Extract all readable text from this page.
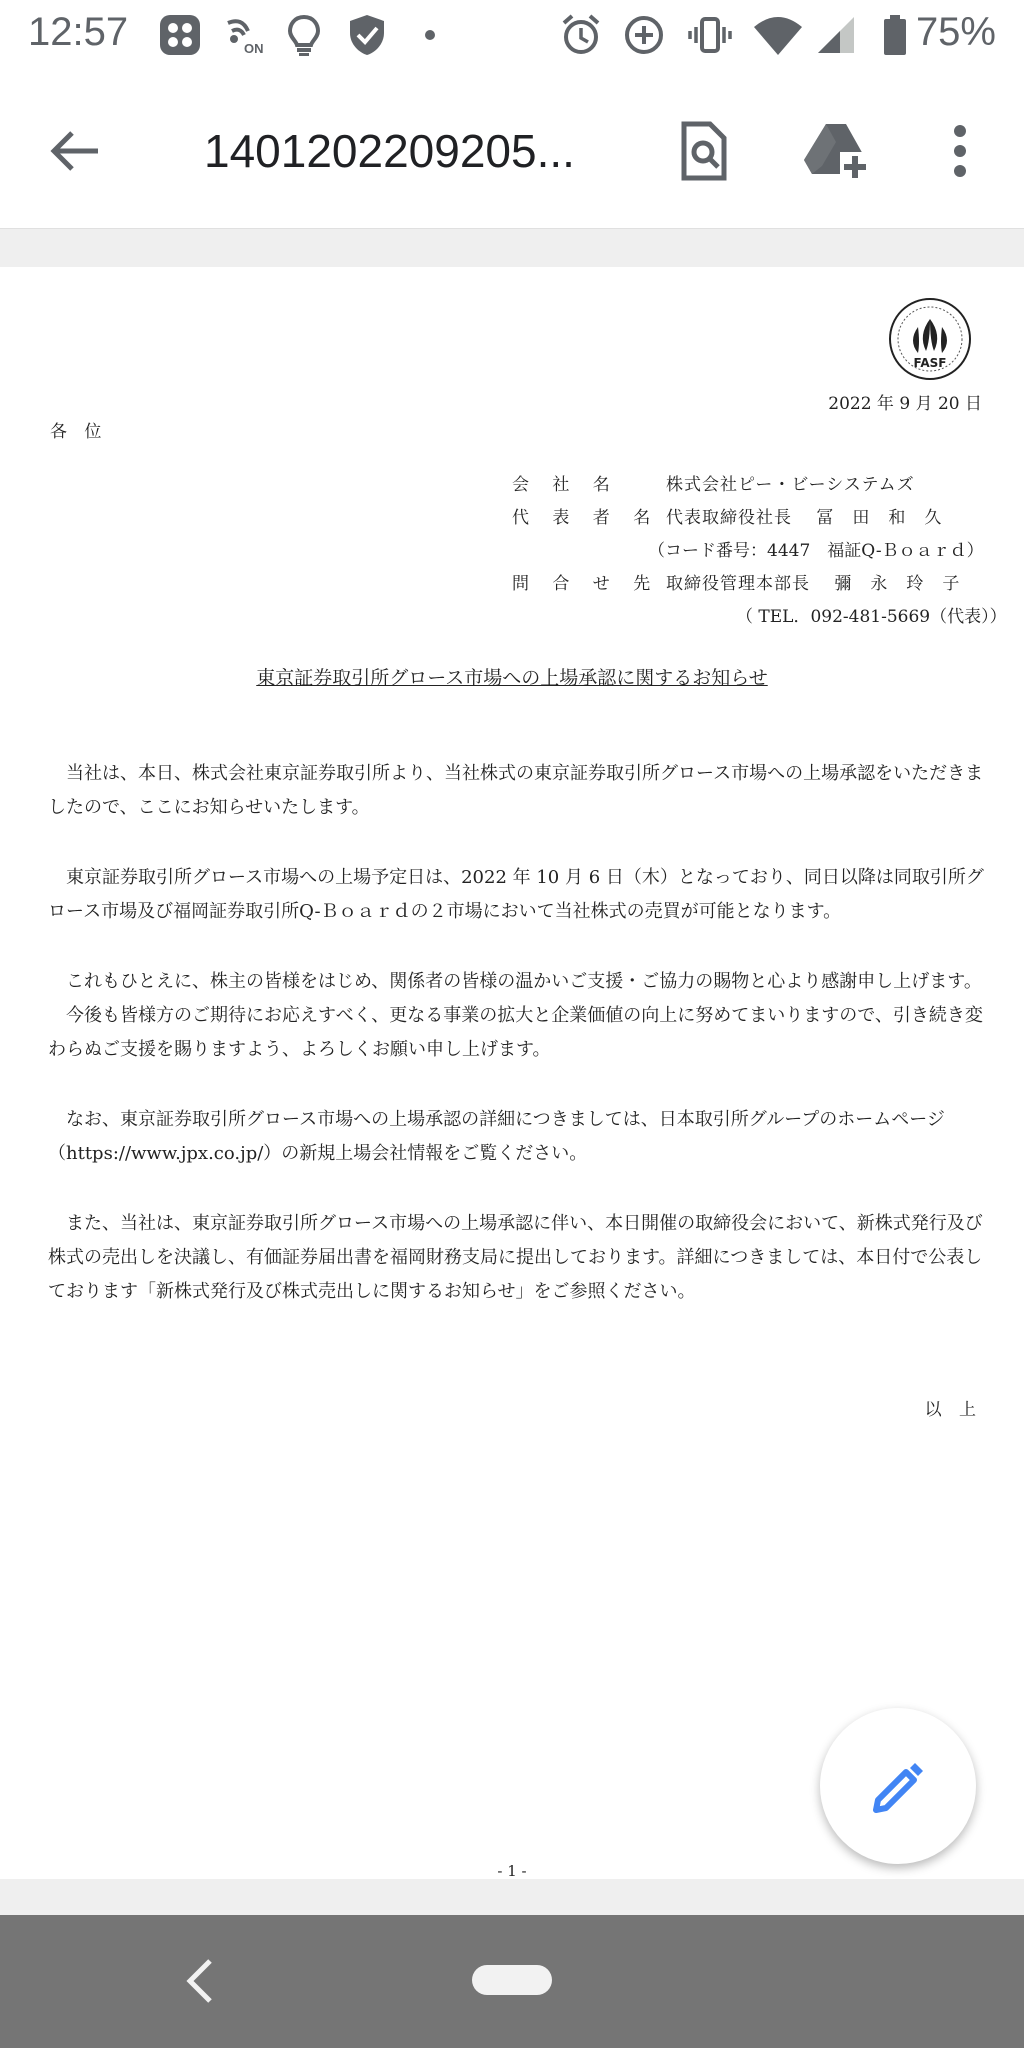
12:57	ON	75%
1401202209205...
FASF
2022 年 9 月 20 日
各 位
会 社 名	株式会社ピー・ビーシステムズ
代 表 者 名 代表取締役社長　 冨　田　和　久
（コード番号：4447　福証Q-Ｂｏａｒｄ）
問 合 せ 先 取締役管理本部長　 彌　永　玲　子
（ TEL．092-481-5669（代表））
東京証券取引所グロース市場への上場承認に関するお知らせ

当社は、本日、株式会社東京証券取引所より、当社株式の東京証券取引所グロース市場への上場承認をいただきましたので、ここにお知らせいたします。

東京証券取引所グロース市場への上場予定日は、2022 年 10 月 6 日（木）となっており、同日以降は同取引所グロース市場及び福岡証券取引所Q-Ｂｏａｒｄの２市場において当社株式の売買が可能となります。

これもひとえに、株主の皆様をはじめ、関係者の皆様の温かいご支援・ご協力の賜物と心より感謝申し上げます。

今後も皆様方のご期待にお応えすべく、更なる事業の拡大と企業価値の向上に努めてまいりますので、引き続き変わらぬご支援を賜りますよう、よろしくお願い申し上げます。

なお、東京証券取引所グロース市場への上場承認の詳細につきましては、日本取引所グループのホームページ（https://www.jpx.co.jp/）の新規上場会社情報をご覧ください。

また、当社は、東京証券取引所グロース市場への上場承認に伴い、本日開催の取締役会において、新株式発行及び株式の売出しを決議し、有価証券届出書を福岡財務支局に提出しております。詳細につきましては、本日付で公表しております「新株式発行及び株式売出しに関するお知らせ」をご参照ください。

以 上
- 1 -
